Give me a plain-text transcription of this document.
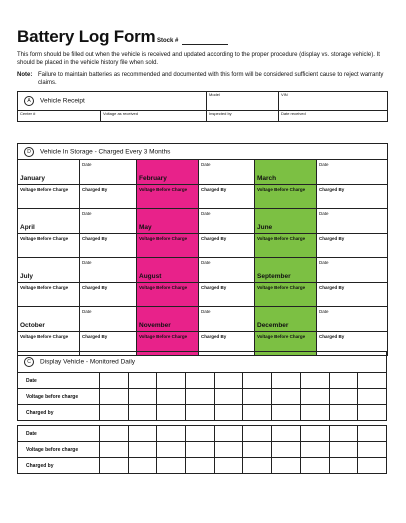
Battery Log Form Stock #
This form should be filled out when the vehicle is received and updated according to the proper procedure (display vs. storage vehicle). It should be placed in the vehicle history file when sold.
Note: Failure to maintain batteries as recommended and documented with this form will be considered sufficient cause to reject warranty claims.
A Vehicle Receipt		Model	VIN
Center #	Voltage as received	Inspected by	Date received
D Vehicle In Storage - Charged Every 3 Months					
January	Date	February	Date	March	Date
Voltage Before Charge	Charged By	Voltage Before Charge	Charged By	Voltage Before Charge	Charged By
April	Date	May	Date	June	Date
Voltage Before Charge	Charged By	Voltage Before Charge	Charged By	Voltage Before Charge	Charged By
July	Date	August	Date	September	Date
Voltage Before Charge	Charged By	Voltage Before Charge	Charged By	Voltage Before Charge	Charged By
October	Date	November	Date	December	Date
Voltage Before Charge	Charged By	Voltage Before Charge	Charged By	Voltage Before Charge	Charged By
C Display Vehicle - Monitored Daily										
Date										
Voltage before charge										
Charged by										
Date										
Voltage before charge										
Charged by										
